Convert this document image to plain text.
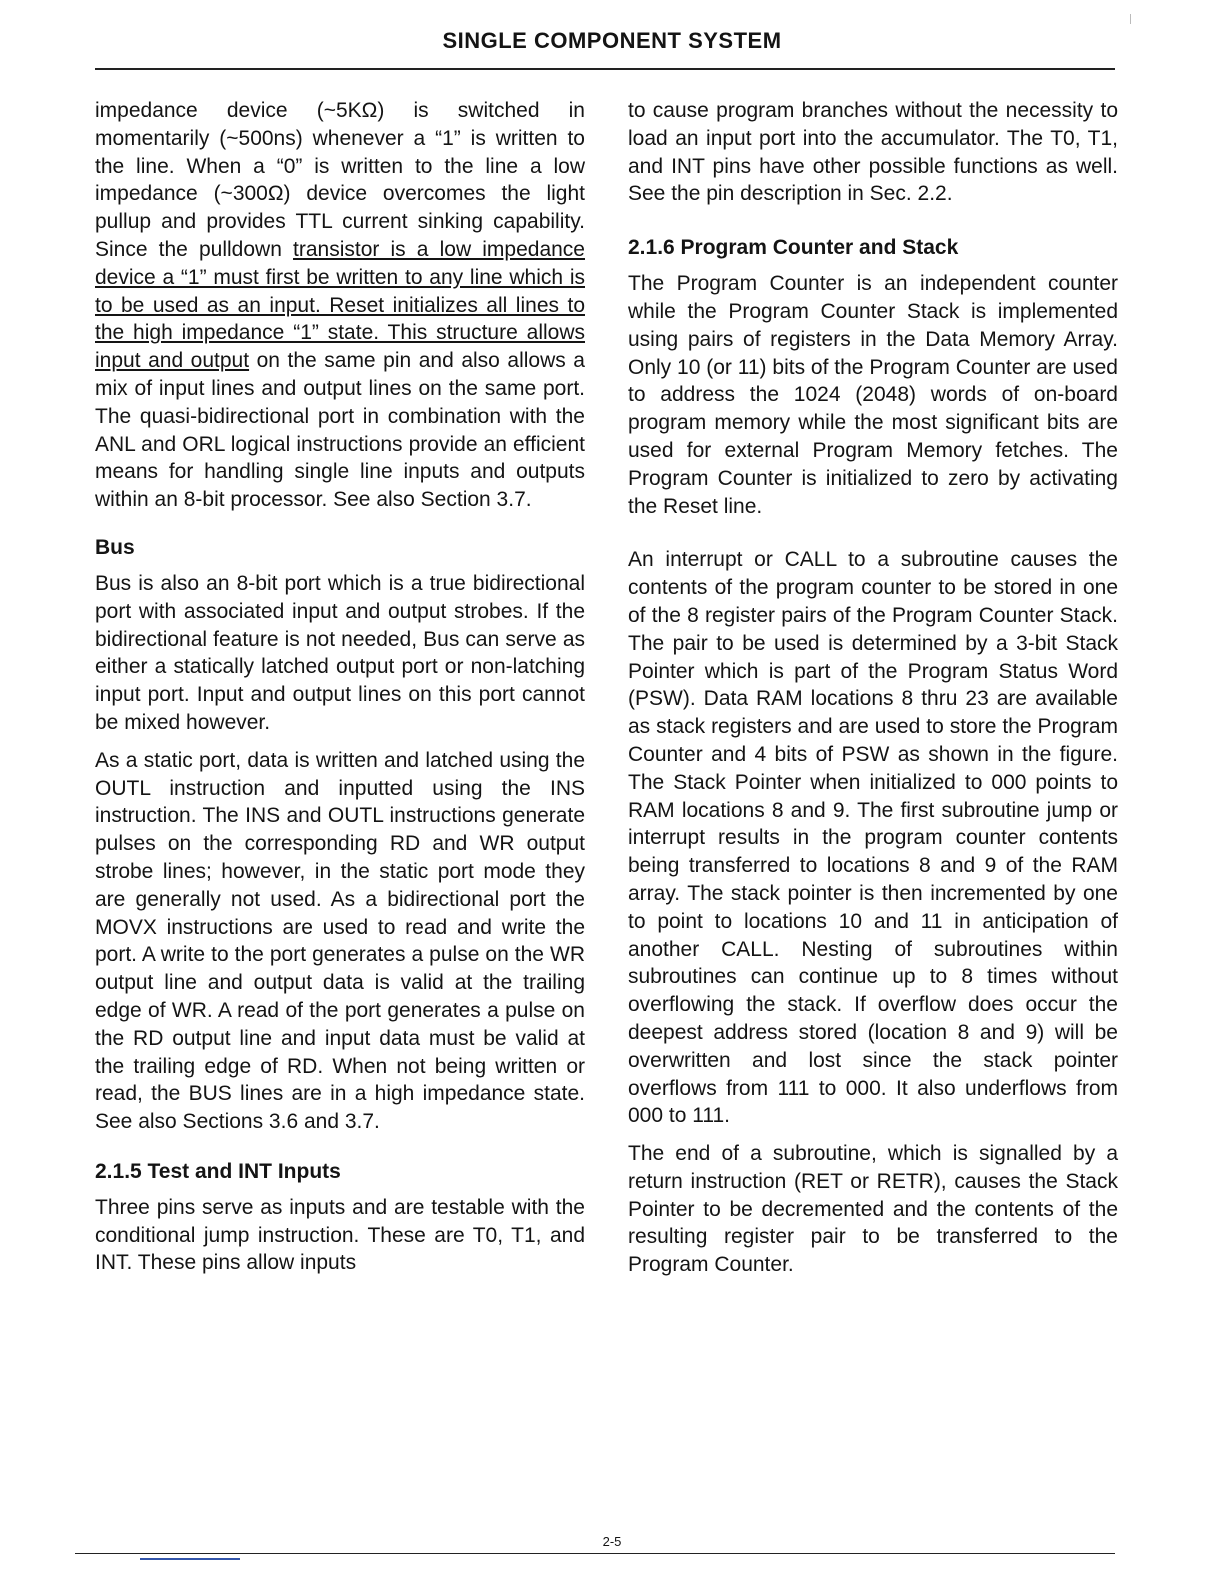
SINGLE COMPONENT SYSTEM

impedance device (~5KΩ) is switched in momentarily (~500ns) whenever a “1” is written to the line. When a “0” is written to the line a low impedance (~300Ω) device overcomes the light pullup and provides TTL current sinking capability. Since the pulldown transistor is a low impedance device a “1” must first be written to any line which is to be used as an input. Reset initializes all lines to the high impedance “1” state. This structure allows input and output on the same pin and also allows a mix of input lines and output lines on the same port. The quasi-bidirectional port in combination with the ANL and ORL logical instructions provide an efficient means for handling single line inputs and outputs within an 8-bit processor. See also Section 3.7.

Bus

Bus is also an 8-bit port which is a true bidirectional port with associated input and output strobes. If the bidirectional feature is not needed, Bus can serve as either a statically latched output port or non-latching input port. Input and output lines on this port cannot be mixed however.

As a static port, data is written and latched using the OUTL instruction and inputted using the INS instruction. The INS and OUTL instructions generate pulses on the corresponding RD and WR output strobe lines; however, in the static port mode they are generally not used. As a bidirectional port the MOVX instructions are used to read and write the port. A write to the port generates a pulse on the WR output line and output data is valid at the trailing edge of WR. A read of the port generates a pulse on the RD output line and input data must be valid at the trailing edge of RD. When not being written or read, the BUS lines are in a high impedance state. See also Sections 3.6 and 3.7.

2.1.5 Test and INT Inputs

Three pins serve as inputs and are testable with the conditional jump instruction. These are T0, T1, and INT. These pins allow inputs

to cause program branches without the necessity to load an input port into the accumulator. The T0, T1, and INT pins have other possible functions as well. See the pin description in Sec. 2.2.

2.1.6 Program Counter and Stack

The Program Counter is an independent counter while the Program Counter Stack is implemented using pairs of registers in the Data Memory Array. Only 10 (or 11) bits of the Program Counter are used to address the 1024 (2048) words of on-board program memory while the most significant bits are used for external Program Memory fetches. The Program Counter is initialized to zero by activating the Reset line.

An interrupt or CALL to a subroutine causes the contents of the program counter to be stored in one of the 8 register pairs of the Program Counter Stack. The pair to be used is determined by a 3-bit Stack Pointer which is part of the Program Status Word (PSW). Data RAM locations 8 thru 23 are available as stack registers and are used to store the Program Counter and 4 bits of PSW as shown in the figure. The Stack Pointer when initialized to 000 points to RAM locations 8 and 9. The first subroutine jump or interrupt results in the program counter contents being transferred to locations 8 and 9 of the RAM array. The stack pointer is then incremented by one to point to locations 10 and 11 in anticipation of another CALL. Nesting of subroutines within subroutines can continue up to 8 times without overflowing the stack. If overflow does occur the deepest address stored (location 8 and 9) will be overwritten and lost since the stack pointer overflows from 111 to 000. It also underflows from 000 to 111.

The end of a subroutine, which is signalled by a return instruction (RET or RETR), causes the Stack Pointer to be decremented and the contents of the resulting register pair to be transferred to the Program Counter.

2-5
